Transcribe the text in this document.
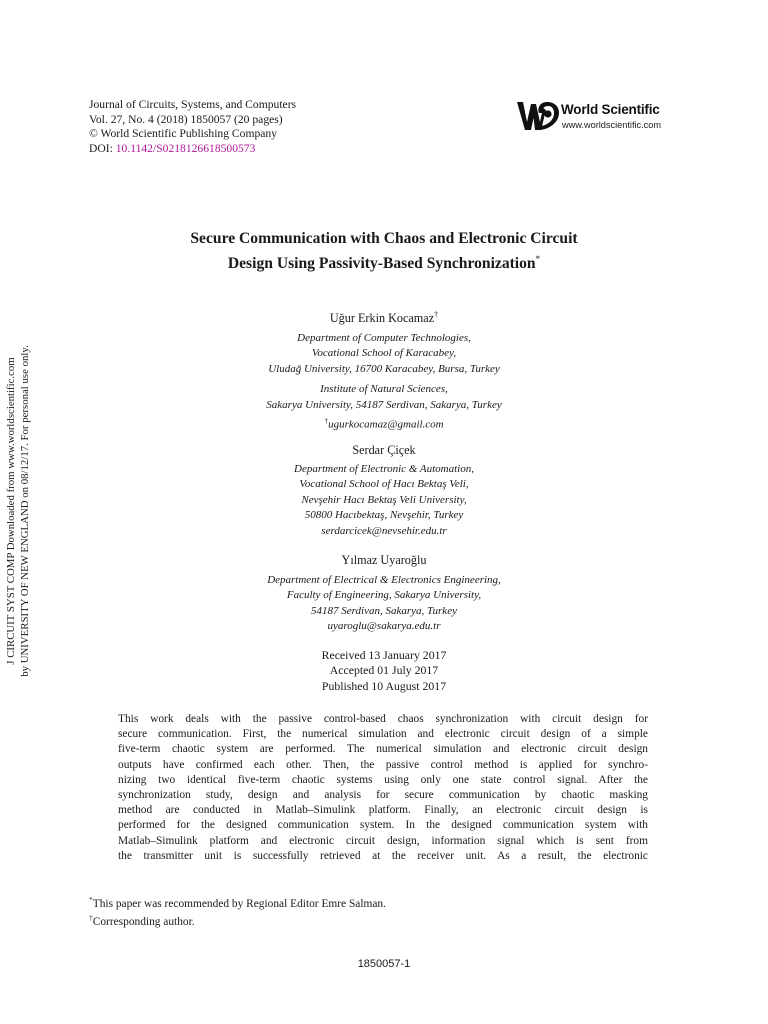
J CIRCUIT SYST COMP Downloaded from www.worldscientific.com by UNIVERSITY OF NEW ENGLAND on 08/12/17. For personal use only.
Journal of Circuits, Systems, and Computers
Vol. 27, No. 4 (2018) 1850057 (20 pages)
© World Scientific Publishing Company
DOI: 10.1142/S0218126618500573
World Scientific
www.worldscientific.com
Secure Communication with Chaos and Electronic Circuit
Design Using Passivity-Based Synchronization*
Uğur Erkin Kocamaz†
Department of Computer Technologies,
Vocational School of Karacabey,
Uludağ University, 16700 Karacabey, Bursa, Turkey
Institute of Natural Sciences,
Sakarya University, 54187 Serdivan, Sakarya, Turkey
†ugurkocamaz@gmail.com
Serdar Çiçek
Department of Electronic & Automation,
Vocational School of Hacı Bektaş Veli,
Nevşehir Hacı Bektaş Veli University,
50800 Hacıbektaş, Nevşehir, Turkey
serdarcicek@nevsehir.edu.tr
Yılmaz Uyaroğlu
Department of Electrical & Electronics Engineering,
Faculty of Engineering, Sakarya University,
54187 Serdivan, Sakarya, Turkey
uyaroglu@sakarya.edu.tr
Received 13 January 2017
Accepted 01 July 2017
Published 10 August 2017
This work deals with the passive control-based chaos synchronization with circuit design for
secure communication. First, the numerical simulation and electronic circuit design of a simple
five-term chaotic system are performed. The numerical simulation and electronic circuit design
outputs have confirmed each other. Then, the passive control method is applied for synchro-
nizing two identical five-term chaotic systems using only one state control signal. After the
synchronization study, design and analysis for secure communication by chaotic masking
method are conducted in Matlab–Simulink platform. Finally, an electronic circuit design is
performed for the designed communication system. In the designed communication system with
Matlab–Simulink platform and electronic circuit design, information signal which is sent from
the transmitter unit is successfully retrieved at the receiver unit. As a result, the electronic
*This paper was recommended by Regional Editor Emre Salman.
†Corresponding author.
1850057-1
